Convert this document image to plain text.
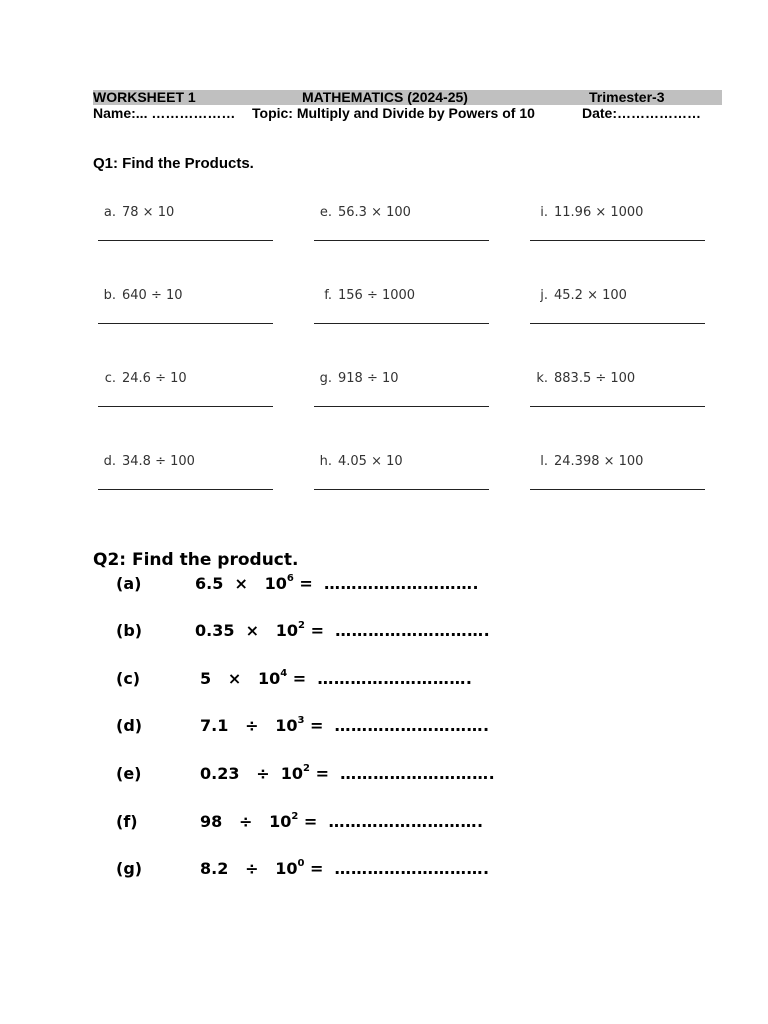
WORKSHEET 1	MATHEMATICS (2024-25)	Trimester-3
Name:... ……………… Topic: Multiply and Divide by Powers of 10	Date:………………
Q1: Find the Products.
a. 78 × 10	e. 56.3 × 100	i. 11.96 × 1000
b. 640 ÷ 10	f. 156 ÷ 1000	j. 45.2 × 100
c. 24.6 ÷ 10	g. 918 ÷ 10	k. 883.5 ÷ 100
d. 34.8 ÷ 100	h. 4.05 × 10	l. 24.398 × 100
Q2: Find the product.
(a)	$6.5 \times 10^6$ = ……………………….
(b)	$0.35 \times 10^2$ = ……………………….
(c)	$5 \times 10^4$ = ……………………….
(d)	$7.1 \div 10^3$ = ……………………….
(e)	$0.23 \div 10^2$ = ……………………….
(f)	$98 \div 10^2$ = ……………………….
(g)	$8.2 \div 10^0$ = ……………………….
